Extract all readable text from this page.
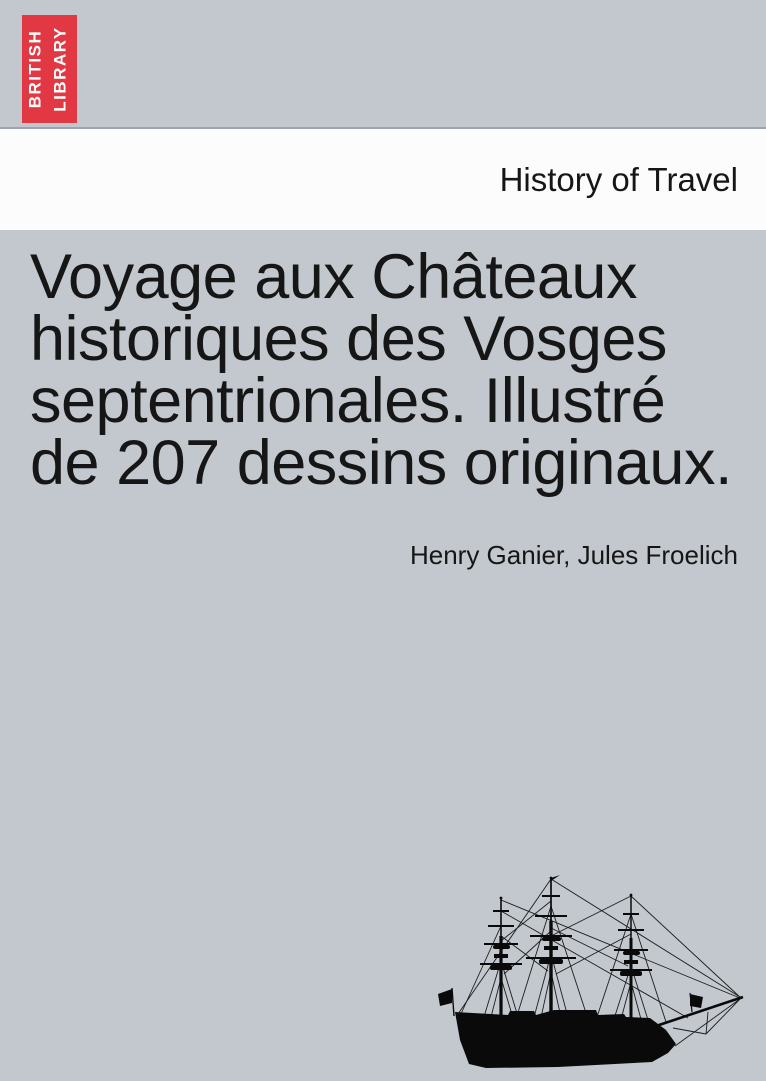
BRITISH LIBRARY
History of Travel
Voyage aux Châteaux
historiques des Vosges
septentrionales. Illustré
de 207 dessins originaux.
Henry Ganier, Jules Froelich
